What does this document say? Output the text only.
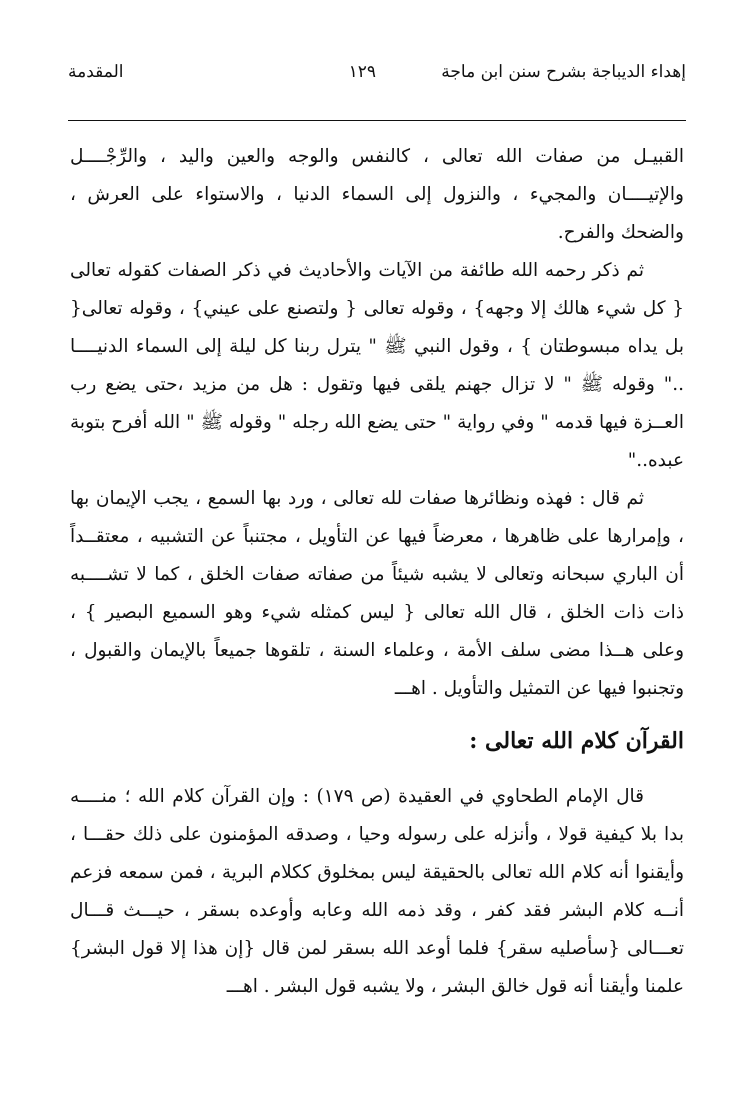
إهداء الديباجة بشرح سنن ابن ماجة
١٢٩
المقدمة

القبيـل من صفات الله تعالى ، كالنفس والوجه والعين واليد ، والرِّجْــــل والإتيــــان والمجيء ، والنزول إلى السماء الدنيا ، والاستواء على العرش ، والضحك والفرح.

ثم ذكر رحمه الله طائفة من الآيات والأحاديث في ذكر الصفات كقوله تعالى { كل شيء هالك إلا وجهه} ، وقوله تعالى { ولتصنع على عيني} ، وقوله تعالى{ بل يداه مبسوطتان } ، وقول النبي ﷺ " يترل ربنا كل ليلة إلى السماء الدنيــــا .." وقوله ﷺ " لا تزال جهنم يلقى فيها وتقول : هل من مزيد ،حتى يضع رب العــزة فيها قدمه " وفي رواية " حتى يضع الله رجله " وقوله ﷺ " الله أفرح بتوبة عبده.."

ثم قال : فهذه ونظائرها صفات لله تعالى ، ورد بها السمع ، يجب الإيمان بها ، وإمرارها على ظاهرها ، معرضاً فيها عن التأويل ، مجتنباً عن التشبيه ، معتقــداً أن الباري سبحانه وتعالى لا يشبه شيئاً من صفاته صفات الخلق ، كما لا تشــــبه ذات ذات الخلق ، قال الله تعالى { ليس كمثله شيء وهو السميع البصير } ، وعلى هــذا مضى سلف الأمة ، وعلماء السنة ، تلقوها جميعاً بالإيمان والقبول ، وتجنبوا فيها عن التمثيل والتأويل . اهـــ

القرآن كلام الله تعالى :

قال الإمام الطحاوي في العقيدة (ص ١٧٩) : وإن القرآن كلام الله ؛ منــــه بدا بلا كيفية قولا ، وأنزله على رسوله وحيا ، وصدقه المؤمنون على ذلك حقـــا ، وأيقنوا أنه كلام الله تعالى بالحقيقة ليس بمخلوق ككلام البرية ، فمن سمعه فزعم أنــه كلام البشر فقد كفر ، وقد ذمه الله وعابه وأوعده بسقر ، حيـــث قـــال تعـــالى {سأصليه سقر} فلما أوعد الله بسقر لمن قال {إن هذا إلا قول البشر} علمنا وأيقنا أنه قول خالق البشر ، ولا يشبه قول البشر . اهـــ
